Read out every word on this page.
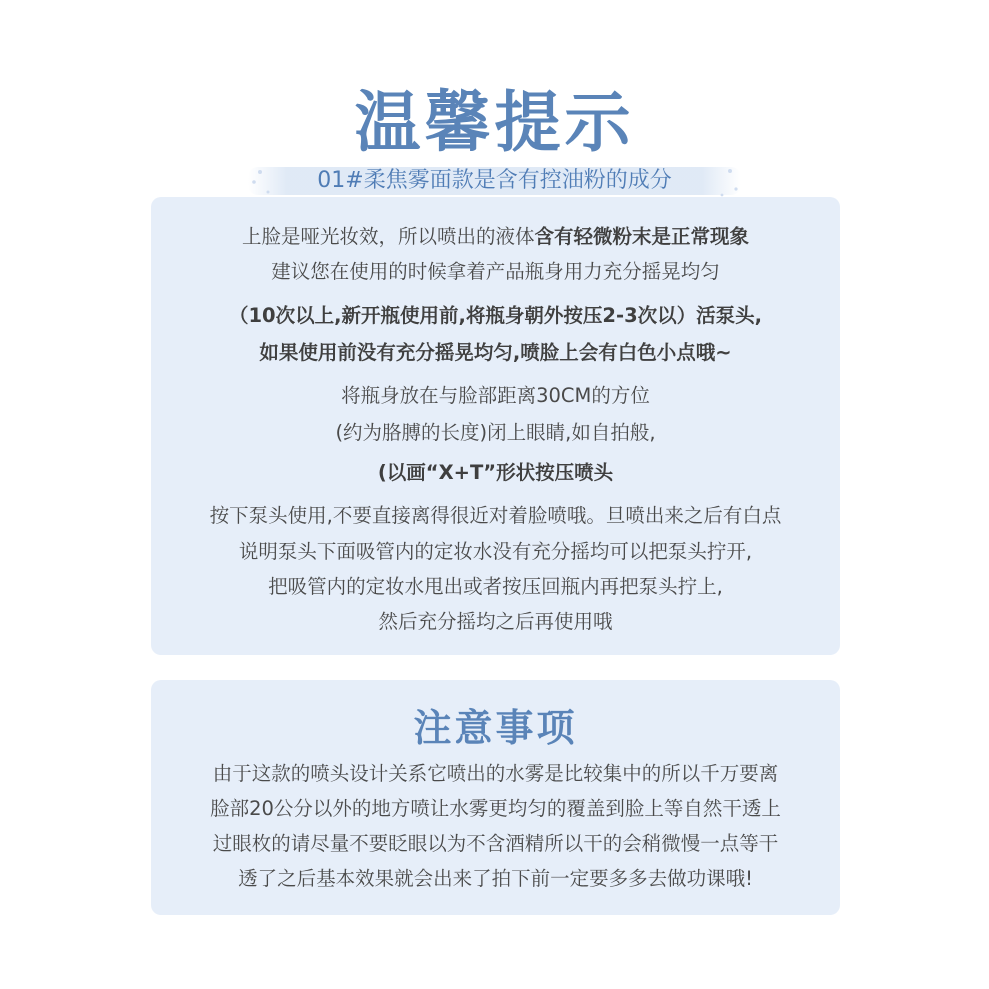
温馨提示
01#柔焦雾面款是含有控油粉的成分
上脸是哑光妆效，所以喷出的液体含有轻微粉末是正常现象
建议您在使用的时候拿着产品瓶身用力充分摇晃均匀
（10次以上,新开瓶使用前,将瓶身朝外按压2-3次以）活泵头,
如果使用前没有充分摇晃均匀,喷脸上会有白色小点哦~
将瓶身放在与脸部距离30CM的方位
(约为胳膊的长度)闭上眼睛,如自拍般,
(以画“X+T”形状按压喷头
按下泵头使用,不要直接离得很近对着脸喷哦。旦喷出来之后有白点
说明泵头下面吸管内的定妆水没有充分摇均可以把泵头拧开,
把吸管内的定妆水甩出或者按压回瓶内再把泵头拧上,
然后充分摇均之后再使用哦
注意事项
由于这款的喷头设计关系它喷出的水雾是比较集中的所以千万要离
脸部20公分以外的地方喷让水雾更均匀的覆盖到脸上等自然干透上
过眼枚的请尽量不要眨眼以为不含酒精所以干的会稍微慢一点等干
透了之后基本效果就会出来了拍下前一定要多多去做功课哦!
